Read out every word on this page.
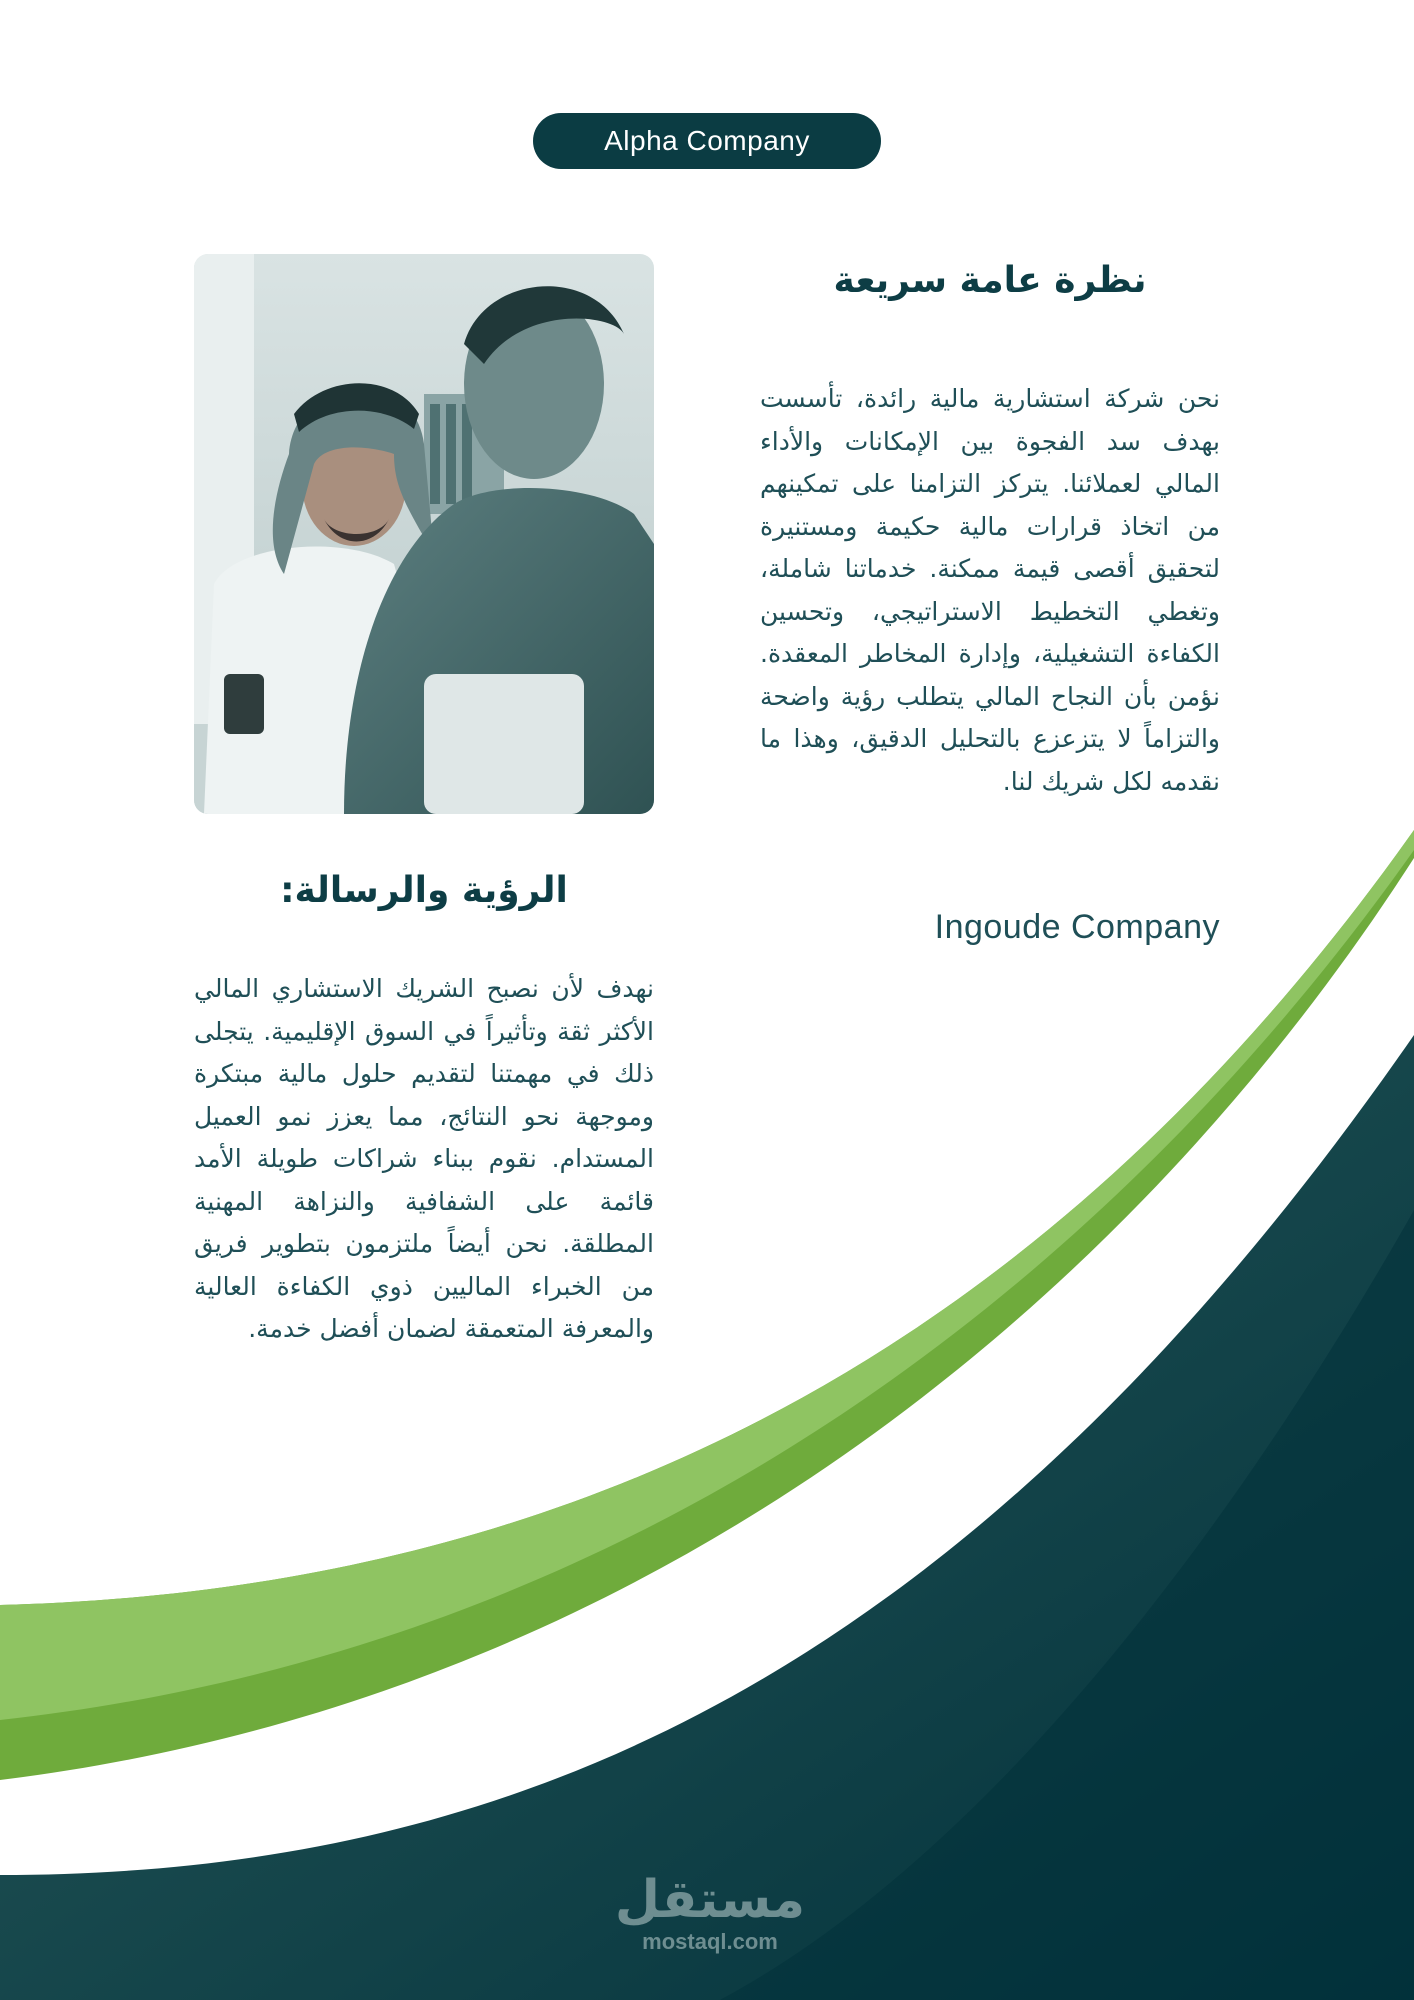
Alpha Company
نظرة عامة سريعة

نحن شركة استشارية مالية رائدة، تأسست بهدف سد الفجوة بين الإمكانات والأداء المالي لعملائنا. يتركز التزامنا على تمكينهم من اتخاذ قرارات مالية حكيمة ومستنيرة لتحقيق أقصى قيمة ممكنة. خدماتنا شاملة، وتغطي التخطيط الاستراتيجي، وتحسين الكفاءة التشغيلية، وإدارة المخاطر المعقدة. نؤمن بأن النجاح المالي يتطلب رؤية واضحة والتزاماً لا يتزعزع بالتحليل الدقيق، وهذا ما نقدمه لكل شريك لنا.

Ingoude Company
الرؤية والرسالة:

نهدف لأن نصبح الشريك الاستشاري المالي الأكثر ثقة وتأثيراً في السوق الإقليمية. يتجلى ذلك في مهمتنا لتقديم حلول مالية مبتكرة وموجهة نحو النتائج، مما يعزز نمو العميل المستدام. نقوم ببناء شراكات طويلة الأمد قائمة على الشفافية والنزاهة المهنية المطلقة. نحن أيضاً ملتزمون بتطوير فريق من الخبراء الماليين ذوي الكفاءة العالية والمعرفة المتعمقة لضمان أفضل خدمة.

مستقل
mostaql.com
